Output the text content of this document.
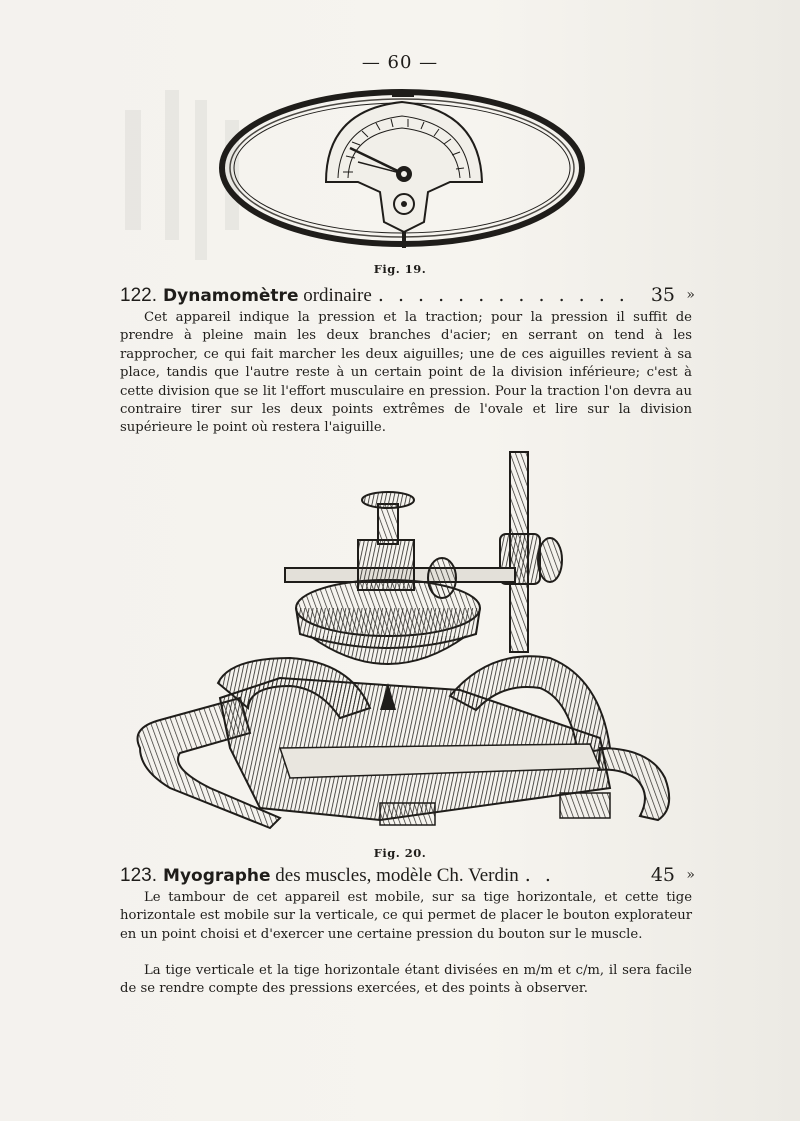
— 60 —
Fig. 19.
122. Dynamomètre ordinaire . . . . . . . . . . . . . 35 »
Cet appareil indique la pression et la traction; pour la pression il suffit de prendre à pleine main les deux branches d'acier; en serrant on tend à les rapprocher, ce qui fait marcher les deux aiguilles; une de ces aiguilles revient à sa place, tandis que l'autre reste à un certain point de la division inférieure; c'est à cette division que se lit l'effort musculaire en pression. Pour la traction l'on devra au contraire tirer sur les deux points extrêmes de l'ovale et lire sur la division supérieure le point où restera l'aiguille.
Fig. 20.
123. Myographe des muscles, modèle Ch. Verdin . .	45 »
Le tambour de cet appareil est mobile, sur sa tige horizontale, et cette tige horizontale est mobile sur la verticale, ce qui permet de placer le bouton explorateur en un point choisi et d'exercer une certaine pression du bouton sur le muscle.
La tige verticale et la tige horizontale étant divisées en m/m et c/m, il sera facile de se rendre compte des pressions exercées, et des points à observer.
